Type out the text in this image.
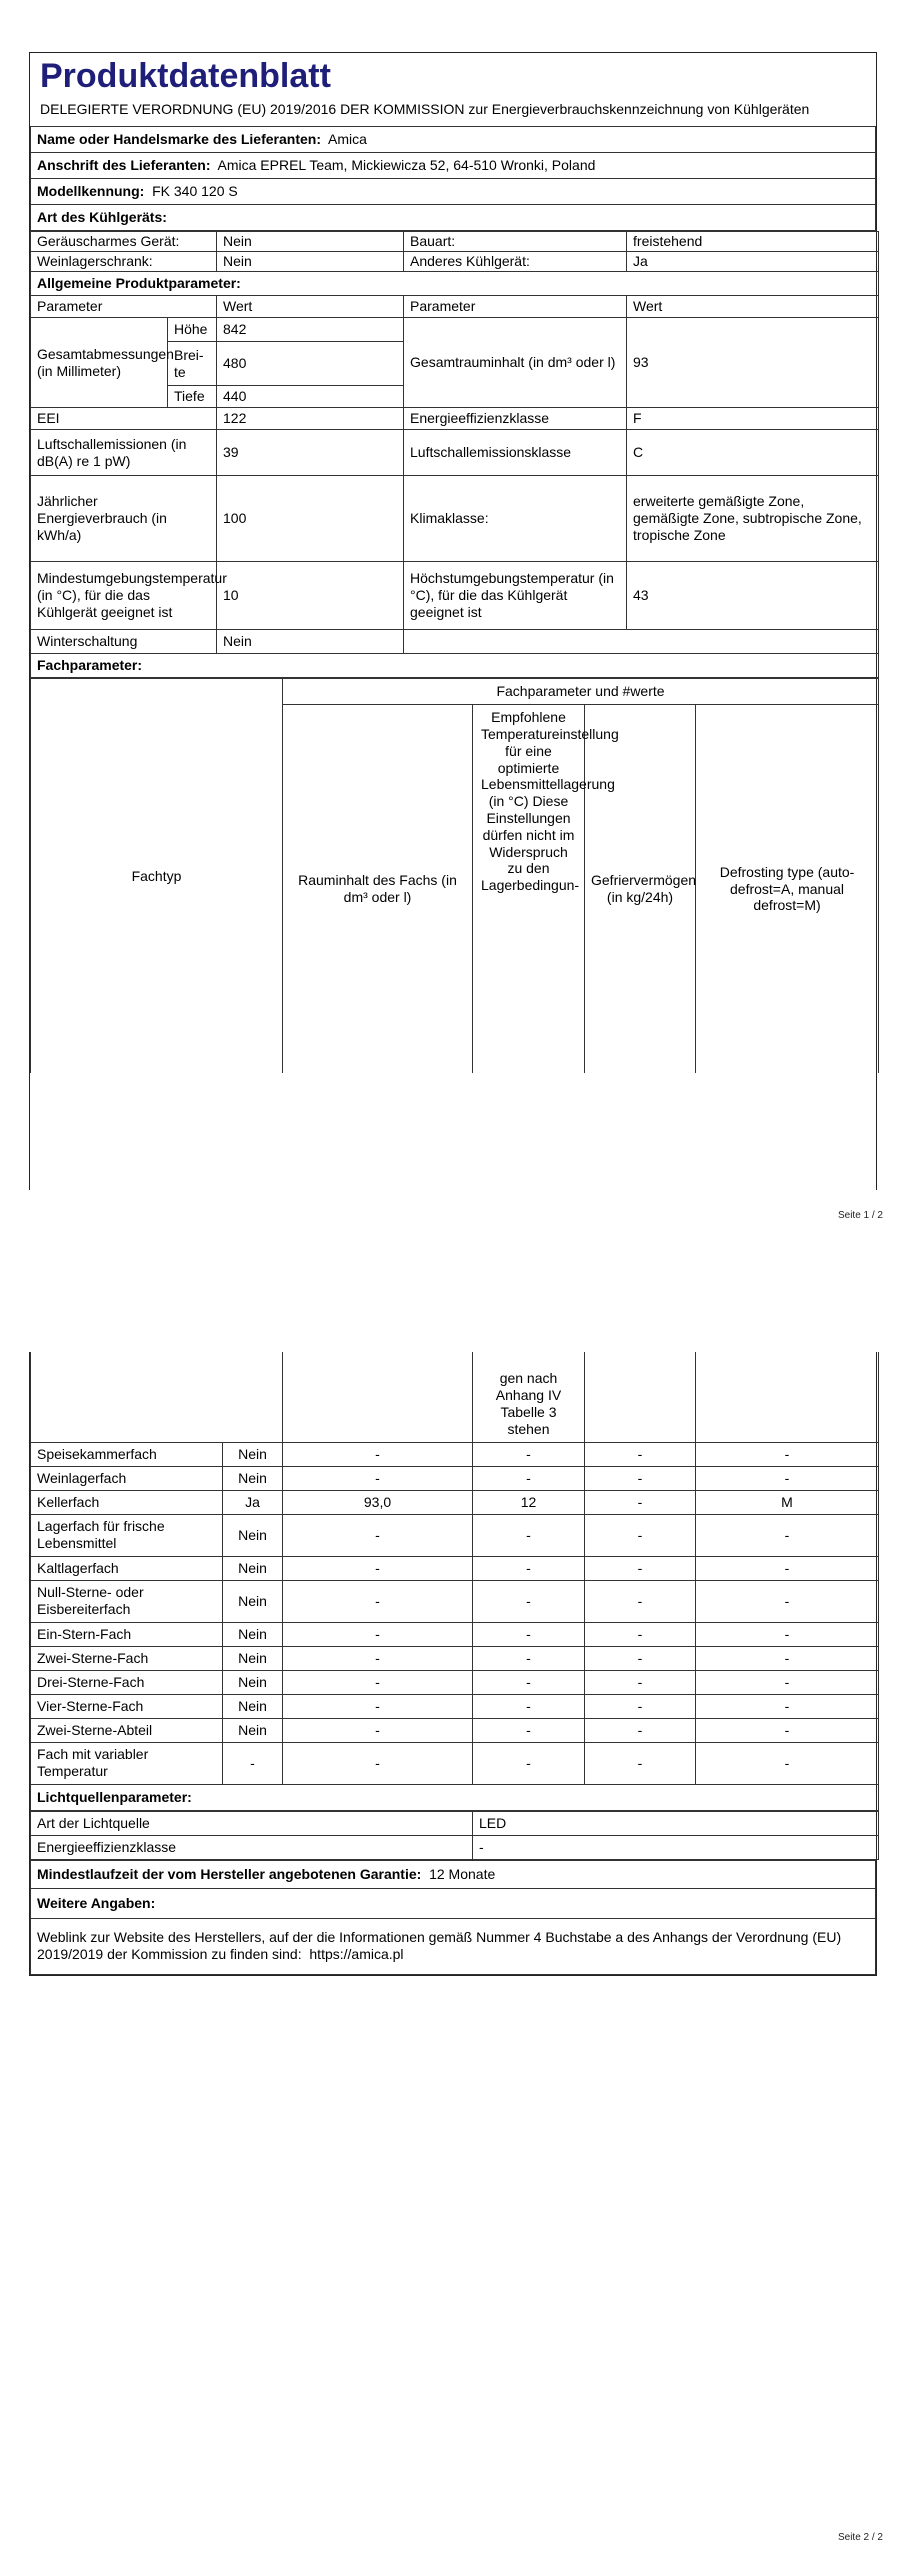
Produktdatenblatt
DELEGIERTE VERORDNUNG (EU) 2019/2016 DER KOMMISSION zur Energieverbrauchskennzeichnung von Kühlgeräten
Name oder Handelsmarke des Lieferanten: Amica
Anschrift des Lieferanten: Amica EPREL Team, Mickiewicza 52, 64-510 Wronki, Poland
Modellkennung: FK 340 120 S
Art des Kühlgeräts:
Geräuscharmes Gerät:		Nein	Bauart:	freistehend
Weinlagerschrank:		Nein	Anderes Kühlgerät:	Ja
Allgemeine Produktparameter:				
Parameter		Wert	Parameter	Wert
Gesamtabmessungen (in Millimeter)	Höhe	842	Gesamtrauminhalt (in dm³ oder l)	93
	Brei-te	480		
	Tiefe	440		
EEI		122	Energieeffizienzklasse	F
Luftschallemissionen (in dB(A) re 1 pW)		39	Luftschallemissionsklasse	C
Jährlicher Energieverbrauch (in kWh/a)		100	Klimaklasse:	erweiterte gemäßigte Zone, gemäßigte Zone, subtropische Zone, tropische Zone
Mindestumgebungstemperatur (in °C), für die das Kühlgerät geeignet ist		10	Höchstumgebungstemperatur (in °C), für die das Kühlgerät geeignet ist	43
Winterschaltung		Nein		
Fachparameter:				
Fachtyp	Fachparameter und #werte			
	Rauminhalt des Fachs (in dm³ oder l)	Empfohlene Temperatureinstellung für eine optimierte Lebensmittellagerung (in °C) Diese Einstellungen dürfen nicht im Widerspruch zu den Lagerbedingun-	Gefriervermögen (in kg/24h)	Defrosting type (auto-defrost=A, manual defrost=M)
Seite 1 / 2
			gen nach Anhang IV Tabelle 3 stehen		
Speisekammerfach	Nein	-	-	-	-
Weinlagerfach	Nein	-	-	-	-
Kellerfach	Ja	93,0	12	-	M
Lagerfach für frische Lebensmittel	Nein	-	-	-	-
Kaltlagerfach	Nein	-	-	-	-
Null-Sterne- oder Eisbereiterfach	Nein	-	-	-	-
Ein-Stern-Fach	Nein	-	-	-	-
Zwei-Sterne-Fach	Nein	-	-	-	-
Drei-Sterne-Fach	Nein	-	-	-	-
Vier-Sterne-Fach	Nein	-	-	-	-
Zwei-Sterne-Abteil	Nein	-	-	-	-
Fach mit variabler Temperatur	-	-	-	-	-
Lichtquellenparameter:					
Art der Lichtquelle	LED
Energieeffizienzklasse	-
Mindestlaufzeit der vom Hersteller angebotenen Garantie: 12 Monate
Weitere Angaben:
Weblink zur Website des Herstellers, auf der die Informationen gemäß Nummer 4 Buchstabe a des Anhangs der Verordnung (EU) 2019/2019 der Kommission zu finden sind: https://amica.pl
Seite 2 / 2
